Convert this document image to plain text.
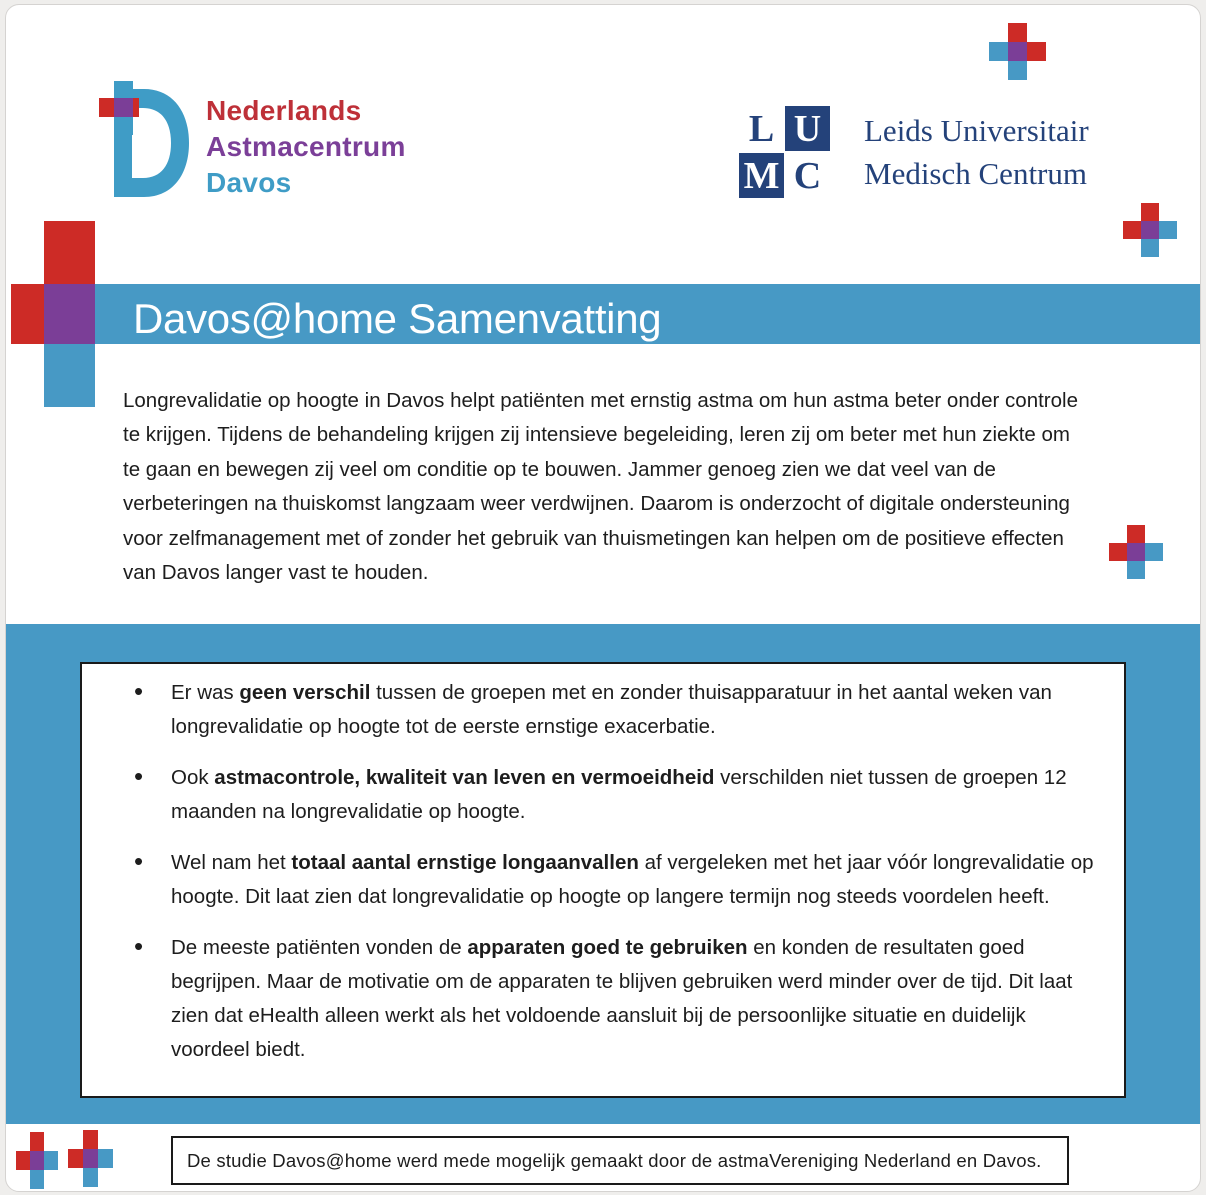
Nederlands
Astmacentrum
Davos
L U
M C
Leids Universitair
Medisch Centrum
Davos@home Samenvatting

Longrevalidatie op hoogte in Davos helpt patiënten met ernstig astma om hun astma beter onder controle te krijgen. Tijdens de behandeling krijgen zij intensieve begeleiding, leren zij om beter met hun ziekte om te gaan en bewegen zij veel om conditie op te bouwen. Jammer genoeg zien we dat veel van de verbeteringen na thuiskomst langzaam weer verdwijnen. Daarom is onderzocht of digitale ondersteuning voor zelfmanagement met of zonder het gebruik van thuismetingen kan helpen om de positieve effecten van Davos langer vast te houden.

• Er was geen verschil tussen de groepen met en zonder thuisapparatuur in het aantal weken van longrevalidatie op hoogte tot de eerste ernstige exacerbatie.
• Ook astmacontrole, kwaliteit van leven en vermoeidheid verschilden niet tussen de groepen 12 maanden na longrevalidatie op hoogte.
• Wel nam het totaal aantal ernstige longaanvallen af vergeleken met het jaar vóór longrevalidatie op hoogte. Dit laat zien dat longrevalidatie op hoogte op langere termijn nog steeds voordelen heeft.
• De meeste patiënten vonden de apparaten goed te gebruiken en konden de resultaten goed begrijpen. Maar de motivatie om de apparaten te blijven gebruiken werd minder over de tijd. Dit laat zien dat eHealth alleen werkt als het voldoende aansluit bij de persoonlijke situatie en duidelijk voordeel biedt.
De studie Davos@home werd mede mogelijk gemaakt door de astmaVereniging Nederland en Davos.
